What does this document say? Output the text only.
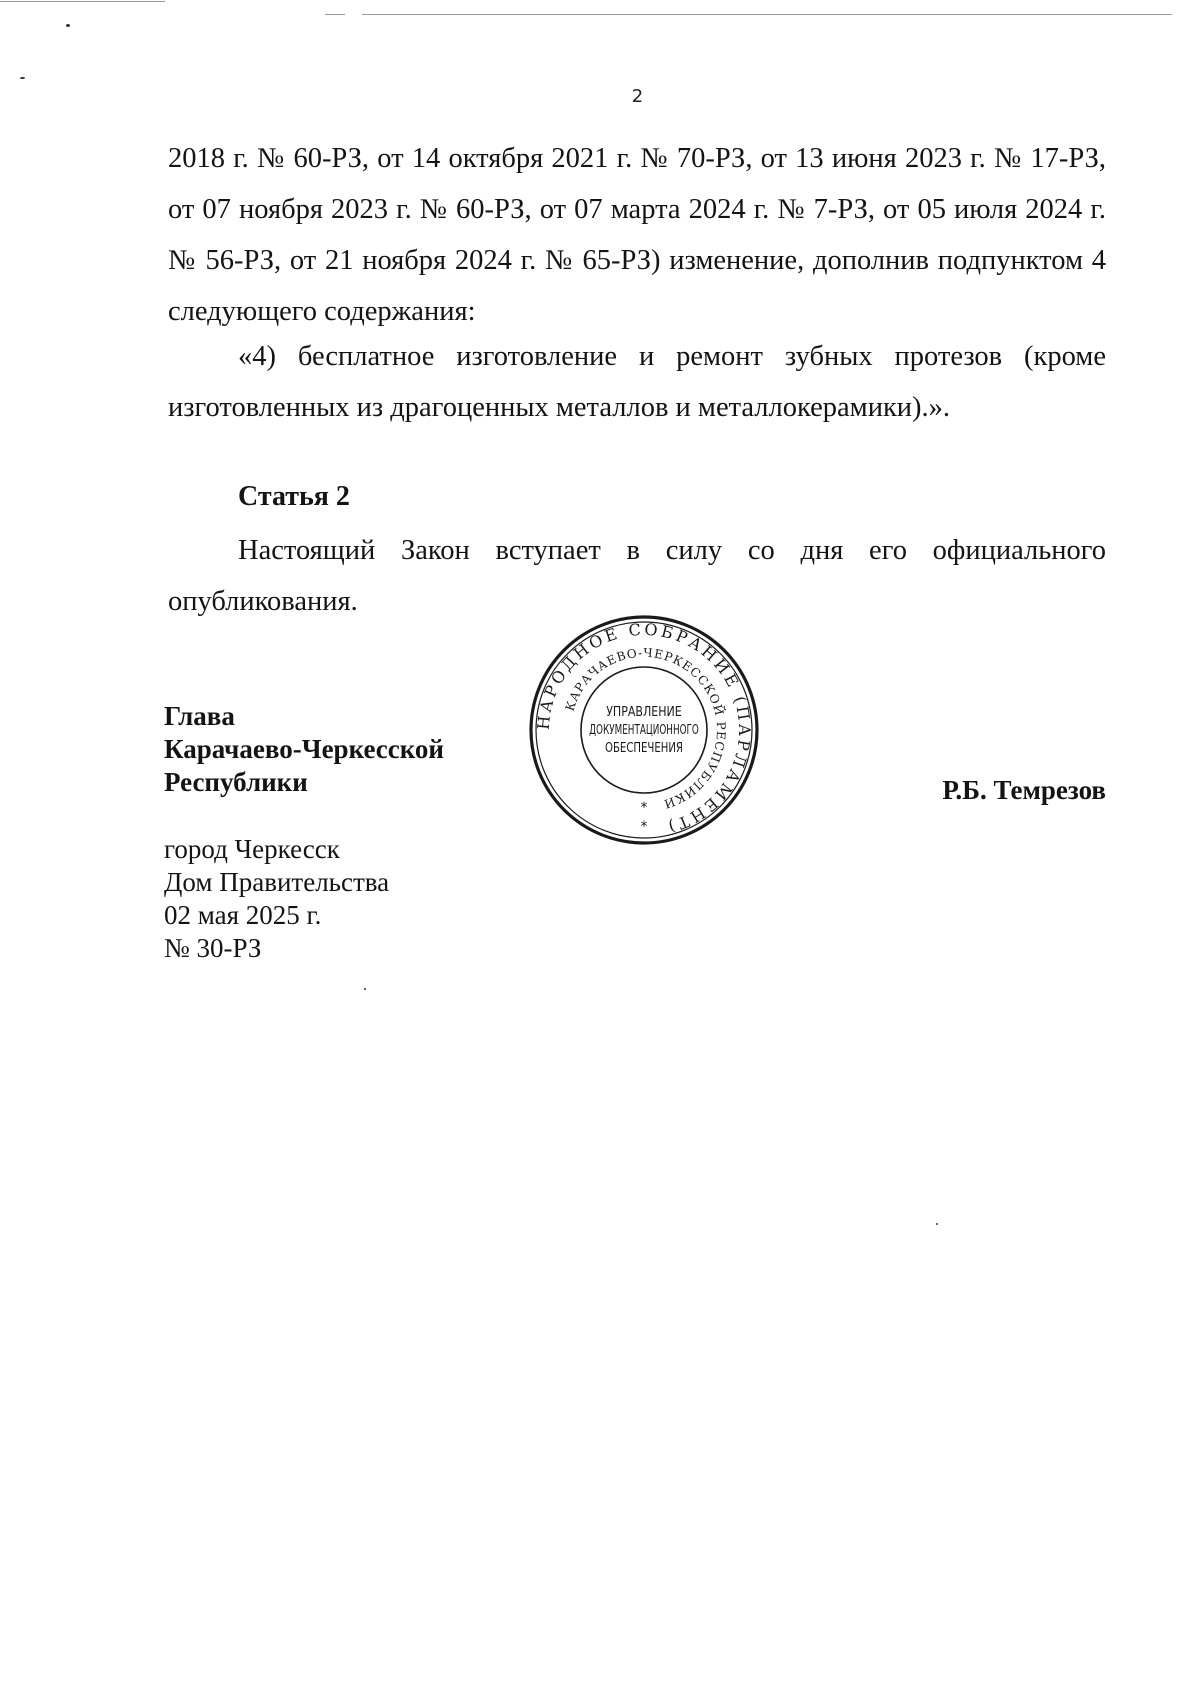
2

2018 г. № 60-РЗ, от 14 октября 2021 г. № 70-РЗ, от 13 июня 2023 г. № 17-РЗ, от 07 ноября 2023 г. № 60-РЗ, от 07 марта 2024 г. № 7-РЗ, от 05 июля 2024 г. № 56-РЗ, от 21 ноября 2024 г. № 65-РЗ) изменение, дополнив подпунктом 4 следующего содержания:

«4) бесплатное изготовление и ремонт зубных протезов (кроме изготовленных из драгоценных металлов и металлокерамики).».

Статья 2

Настоящий Закон вступает в силу со дня его официального опубликования.

Глава
Карачаево-Черкесской
Республики
НАРОДНОЕ СОБРАНИЕ (ПАРЛАМЕНТ)
КАРАЧАЕВО-ЧЕРКЕССКОЙ РЕСПУБЛИКИ
УПРАВЛЕНИЕ
ДОКУМЕНТАЦИОННОГО
ОБЕСПЕЧЕНИЯ
*
*
Р.Б. Темрезов
город Черкесск
Дом Правительства
02 мая 2025 г.
№ 30-РЗ
